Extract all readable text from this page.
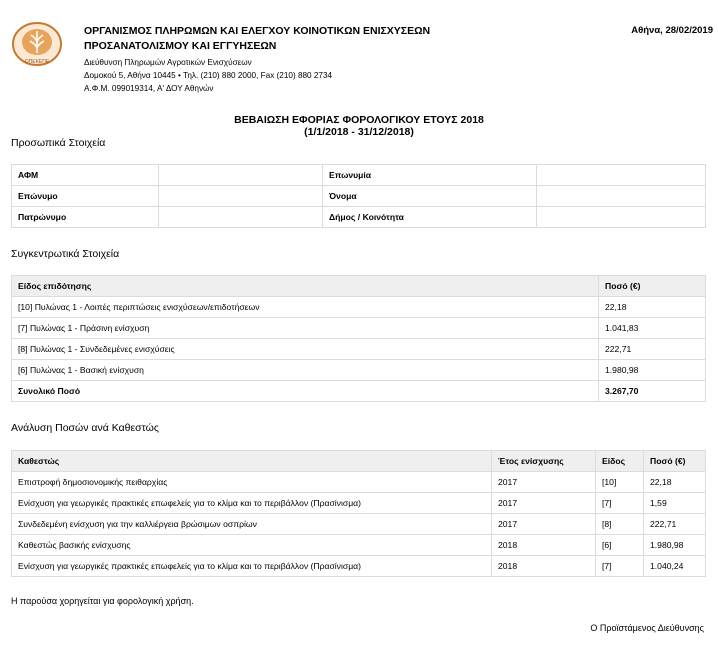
ΟΠΕΚΕΠΕ
ΟΡΓΑΝΙΣΜΟΣ ΠΛΗΡΩΜΩΝ ΚΑΙ ΕΛΕΓΧΟΥ ΚΟΙΝΟΤΙΚΩΝ ΕΝΙΣΧΥΣΕΩΝ
ΠΡΟΣΑΝΑΤΟΛΙΣΜΟΥ ΚΑΙ ΕΓΓΥΗΣΕΩΝ
Διεύθυνση Πληρωμών Αγροτικών Ενισχύσεων
Δομοκού 5, Αθήνα 10445 • Τηλ. (210) 880 2000, Fax (210) 880 2734
Α.Φ.Μ. 099019314, Α' ΔΟΥ Αθηνών
Αθήνα, 28/02/2019
ΒΕΒΑΙΩΣΗ ΕΦΟΡΙΑΣ ΦΟΡΟΛΟΓΙΚΟΥ ΕΤΟΥΣ 2018
(1/1/2018 - 31/12/2018)
Προσωπικά Στοιχεία
ΑΦΜ		Επωνυμία	
Επώνυμο		Όνομα	
Πατρώνυμο		Δήμος / Κοινότητα	
Συγκεντρωτικά Στοιχεία
Είδος επιδότησης	Ποσό (€)
[10] Πυλώνας 1 - Λοιπές περιπτώσεις ενισχύσεων/επιδοτήσεων	22,18
[7] Πυλώνας 1 - Πράσινη ενίσχυση	1.041,83
[8] Πυλώνας 1 - Συνδεδεμένες ενισχύσεις	222,71
[6] Πυλώνας 1 - Βασική ενίσχυση	1.980,98
Συνολικό Ποσό	3.267,70
Ανάλυση Ποσών ανά Καθεστώς
Καθεστώς	Έτος ενίσχυσης	Είδος	Ποσό (€)
Επιστροφή δημοσιονομικής πειθαρχίας	2017	[10]	22,18
Ενίσχυση για γεωργικές πρακτικές επωφελείς για το κλίμα και το περιβάλλον (Πρασίνισμα)	2017	[7]	1,59
Συνδεδεμένη ενίσχυση για την καλλιέργεια βρώσιμων οσπρίων	2017	[8]	222,71
Καθεστώς βασικής ενίσχυσης	2018	[6]	1.980,98
Ενίσχυση για γεωργικές πρακτικές επωφελείς για το κλίμα και το περιβάλλον (Πρασίνισμα)	2018	[7]	1.040,24
Η παρούσα χορηγείται για φορολογική χρήση.
Ο Προϊστάμενος Διεύθυνσης
